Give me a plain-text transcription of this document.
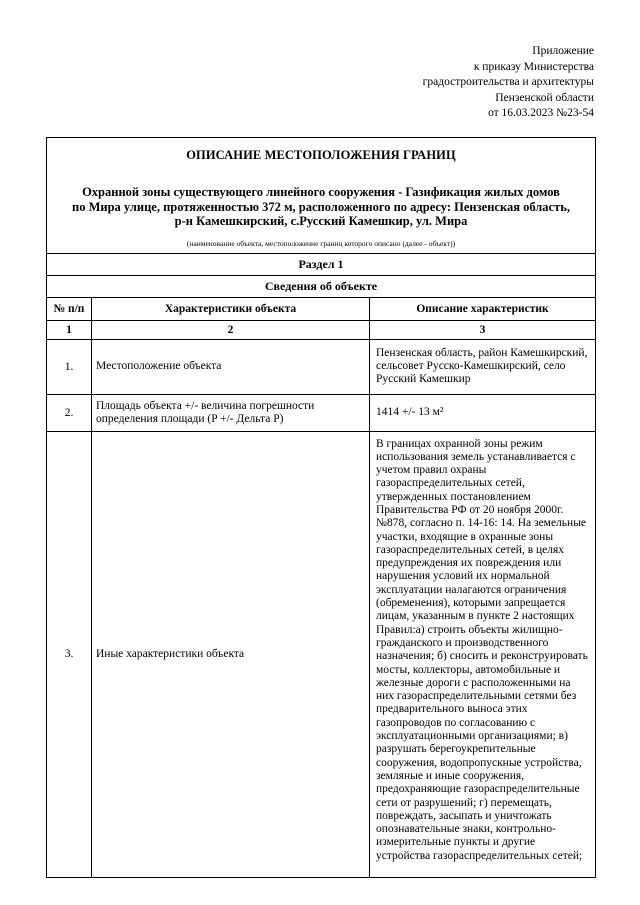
Приложение
к приказу Министерства
градостроительства и архитектуры
Пензенской области
от 16.03.2023 №23-54
ОПИСАНИЕ МЕСТОПОЛОЖЕНИЯ ГРАНИЦ
Охранной зоны существующего линейного сооружения - Газификация жилых домов
по Мира улице, протяженностью 372 м, расположенного по адресу: Пензенская область,
р-н Камешкирский, с.Русский Камешкир, ул. Мира
(наименование объекта, местоположение границ которого описано (далее - объект))		

Раздел 1		
Сведения об объекте		
№ п/п	Характеристики объекта	Описание характеристик
1	2	3
1.	Местоположение объекта	Пензенская область, район Камешкирский, сельсовет Русско-Камешкирский, село Русский Камешкир
2.	Площадь объекта +/- величина погрешности определения площади (P +/- Дельта P)	1414 +/- 13 м²
3.	Иные характеристики объекта	В границах охранной зоны режим использования земель устанавливается с учетом правил охраны газораспределительных сетей, утвержденных постановлением Правительства РФ от 20 ноября 2000г. №878, согласно п. 14-16: 14. На земельные участки, входящие в охранные зоны газораспределительных сетей, в целях предупреждения их повреждения или нарушения условий их нормальной эксплуатации налагаются ограничения (обременения), которыми запрещается лицам, указанным в пункте 2 настоящих Правил:а) строить объекты жилищно-гражданского и производственного назначения; б) сносить и реконструировать мосты, коллекторы, автомобильные и железные дороги с расположенными на них газораспределительными сетями без предварительного выноса этих газопроводов по согласованию с эксплуатационными организациями; в) разрушать берегоукрепительные сооружения, водопропускные устройства, земляные и иные сооружения, предохраняющие газораспределительные сети от разрушений; г) перемещать, повреждать, засыпать и уничтожать опознавательные знаки, контрольно-измерительные пункты и другие устройства газораспределительных сетей;
